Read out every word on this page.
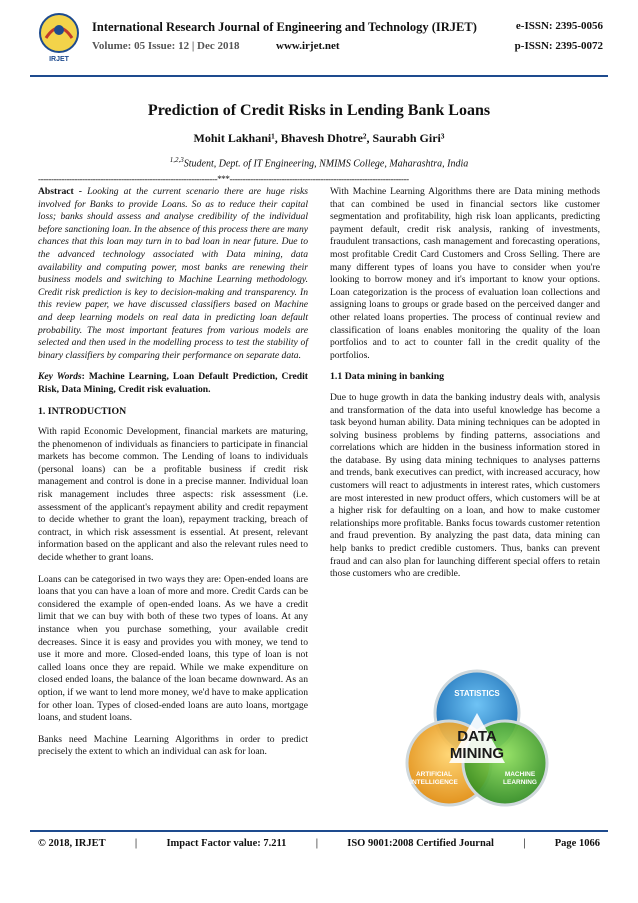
IRJET
International Research Journal of Engineering and Technology (IRJET)
Volume: 05 Issue: 12 | Dec 2018	www.irjet.net
e-ISSN: 2395-0056
p-ISSN: 2395-0072
Prediction of Credit Risks in Lending Bank Loans
Mohit Lakhani¹, Bhavesh Dhotre², Saurabh Giri³
$^{1,2,3}$Student, Dept. of IT Engineering, NMIMS College, Maharashtra, India
---------------------------------------------------------------------***---------------------------------------------------------------------

Abstract - Looking at the current scenario there are huge risks involved for Banks to provide Loans. So as to reduce their capital loss; banks should assess and analyse credibility of the individual before sanctioning loan. In the absence of this process there are many chances that this loan may turn in to bad loan in near future. Due to the advanced technology associated with Data mining, data availability and computing power, most banks are renewing their business models and switching to Machine Learning methodology. Credit risk prediction is key to decision-making and transparency. In this review paper, we have discussed classifiers based on Machine and deep learning models on real data in predicting loan default probability. The most important features from various models are selected and then used in the modelling process to test the stability of binary classifiers by comparing their performance on separate data.

Key Words: Machine Learning, Loan Default Prediction, Credit Risk, Data Mining, Credit risk evaluation.

1. INTRODUCTION

With rapid Economic Development, financial markets are maturing, the phenomenon of individuals as financiers to participate in financial markets has become common. The Lending of loans to individuals (personal loans) can be a profitable business if credit risk management and control is done in a precise manner. Individual loan risk management includes three aspects: risk assessment (i.e. assessment of the applicant's repayment ability and credit repayment to decide whether to grant the loan), repayment tracking, breach of contract, in which risk assessment is essential. At present, relevant information based on the applicant and also the relevant rules need to decide whether to grant loans.

Loans can be categorised in two ways they are: Open-ended loans are loans that you can have a loan of more and more. Credit Cards can be considered the example of open-ended loans. As we have a credit limit that we can buy with both of these two types of loans. At any instance when you purchase something, your available credit decreases. Since it is easy and provides you with money, we tend to use it more and more. Closed-ended loans, this type of loan is not called loans once they are repaid. While we make expenditure on closed ended loans, the balance of the loan became downward. As an option, if we want to lend more money, we'd have to make application for other loan. Types of closed-ended loans are auto loans, mortgage loans, and student loans.

Banks need Machine Learning Algorithms in order to predict precisely the extent to which an individual can ask for loan.

With Machine Learning Algorithms there are Data mining methods that can combined be used in financial sectors like customer segmentation and profitability, high risk loan applicants, predicting payment default, credit risk analysis, ranking of investments, fraudulent transactions, cash management and forecasting operations, most profitable Credit Card Customers and Cross Selling. There are many different types of loans you have to consider when you're looking to borrow money and it's important to know your options. Loan categorization is the process of evaluation loan collections and assigning loans to groups or grade based on the perceived danger and other related loans properties. The process of continual review and classification of loans enables monitoring the quality of the loan portfolios and to act to counter fall in the credit quality of the portfolios.

1.1 Data mining in banking

Due to huge growth in data the banking industry deals with, analysis and transformation of the data into useful knowledge has become a task beyond human ability. Data mining techniques can be adopted in solving business problems by finding patterns, associations and correlations which are hidden in the business information stored in the database. By using data mining techniques to analyses patterns and trends, bank executives can predict, with increased accuracy, how customers will react to adjustments in interest rates, which customers are most interested in new product offers, which customers will be at a higher risk for defaulting on a loan, and how to make customer relationships more profitable. Banks focus towards customer retention and fraud prevention. By analyzing the past data, data mining can help banks to predict credible customers. Thus, banks can prevent fraud and can also plan for launching different special offers to retain those customers who are credible.

STATISTICS
DATA
MINING
ARTIFICIAL
INTELLIGENCE
MACHINE
LEARNING
© 2018, IRJET	|	Impact Factor value: 7.211	|	ISO 9001:2008 Certified Journal	|	Page 1066
